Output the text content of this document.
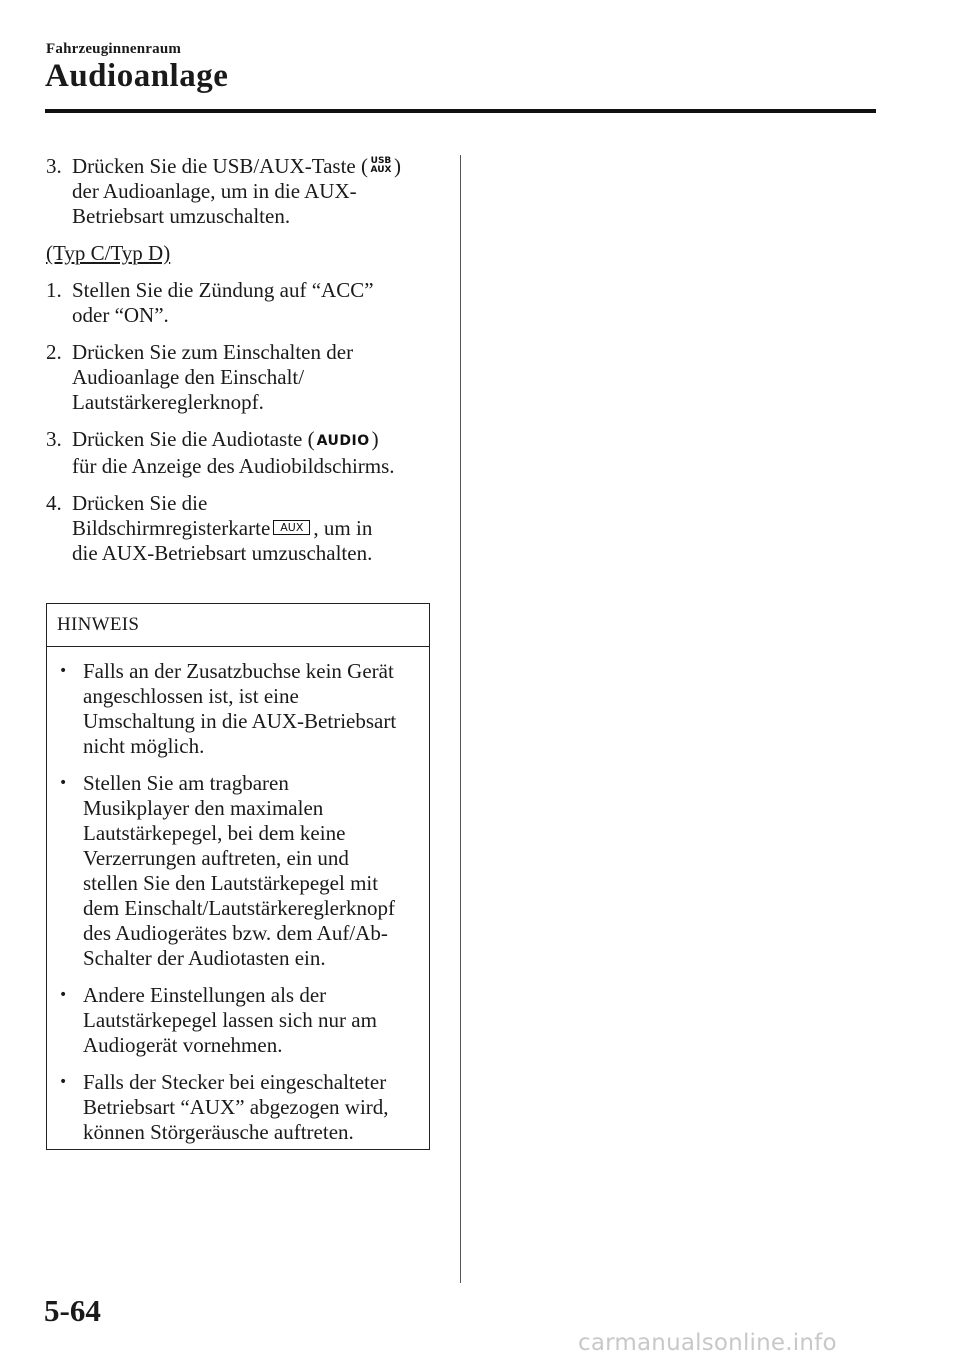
Fahrzeuginnenraum
Audioanlage
3. Drücken Sie die USB/AUX-Taste ( USB
AUX )
der Audioanlage, um in die AUX-
Betriebsart umzuschalten.
(Typ C/Typ D)
1. Stellen Sie die Zündung auf “ACC”
oder “ON”.
2. Drücken Sie zum Einschalten der
Audioanlage den Einschalt/
Lautstärkereglerknopf.
3. Drücken Sie die Audiotaste ( AUDIO)
für die Anzeige des Audiobildschirms.
4. Drücken Sie die
Bildschirmregisterkarte AUX , um in
die AUX-Betriebsart umzuschalten.
HINWEIS
• Falls an der Zusatzbuchse kein Gerät
angeschlossen ist, ist eine
Umschaltung in die AUX-Betriebsart
nicht möglich.
• Stellen Sie am tragbaren
Musikplayer den maximalen
Lautstärkepegel, bei dem keine
Verzerrungen auftreten, ein und
stellen Sie den Lautstärkepegel mit
dem Einschalt/Lautstärkereglerknopf
des Audiogerätes bzw. dem Auf/Ab-
Schalter der Audiotasten ein.
• Andere Einstellungen als der
Lautstärkepegel lassen sich nur am
Audiogerät vornehmen.
• Falls der Stecker bei eingeschalteter
Betriebsart “AUX” abgezogen wird,
können Störgeräusche auftreten.
5-64
carmanualsonline.info
